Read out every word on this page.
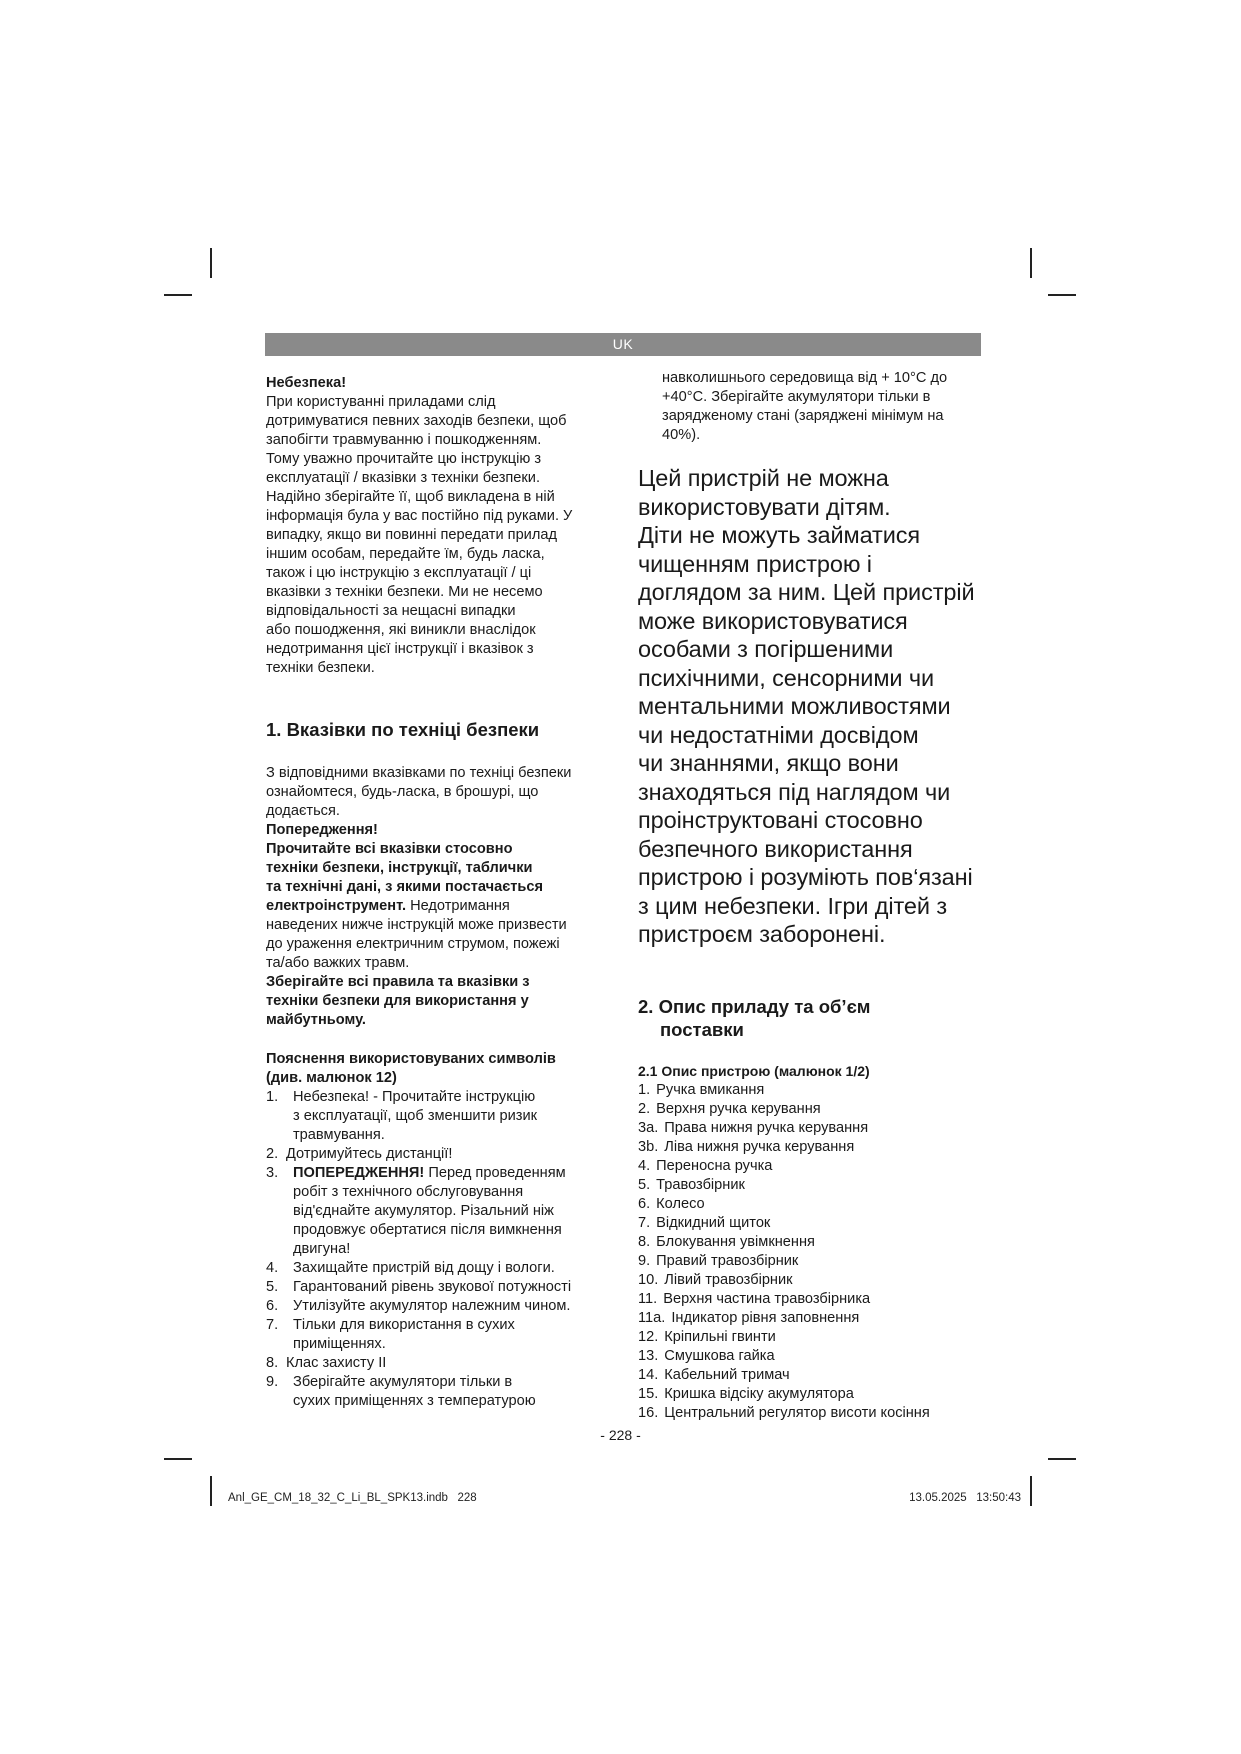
UK

Небезпека!

При користуванні приладами слід

дотримуватися певних заходів безпеки, щоб

запобігти травмуванню і пошкодженням.

Тому уважно прочитайте цю інструкцію з

експлуатації / вказівки з техніки безпеки.

Надійно зберігайте її, щоб викладена в ній

інформація була у вас постійно під руками. У

випадку, якщо ви повинні передати прилад

іншим особам, передайте їм, будь ласка,

також і цю інструкцію з експлуатації / ці

вказівки з техніки безпеки. Ми не несемо

відповідальності за нещасні випадки

або пошодження, які виникли внаслідок

недотримання цієї інструкції і вказівок з

техніки безпеки.

1. Вказівки по техніці безпеки

З відповідними вказівками по техніці безпеки

ознайомтеся, будь-ласка, в брошурі, що

додається.

Попередження!

Прочитайте всі вказівки стосовно

техніки безпеки, інструкції, таблички

та технічні дані, з якими постачається

електроінструмент. Недотримання

наведених нижче інструкцій може призвести

до ураження електричним струмом, пожежі

та/або важких травм.

Зберігайте всі правила та вказівки з

техніки безпеки для використання у

майбутньому.

Пояснення використовуваних символів

(див. малюнок 12)

1.	Небезпека! - Прочитайте інструкцію
з експлуатації, щоб зменшити ризик
травмування.
2. Дотримуйтесь дистанції!
3.	ПОПЕРЕДЖЕННЯ! Перед проведенням
робіт з технічного обслуговування
від'єднайте акумулятор. Різальний ніж
продовжує обертатися після вимкнення
двигуна!
4.	Захищайте пристрій від дощу і вологи.
5.	Гарантований рівень звукової потужності
6.	Утилізуйте акумулятор належним чином.
7.	Тільки для використання в сухих
приміщеннях.
8. Клас захисту II
9.	Зберігайте акумулятори тільки в
сухих приміщеннях з температурою

навколишнього середовища від + 10°C до

+40°C. Зберігайте акумулятори тільки в

зарядженому стані (заряджені мінімум на

40%).

Цей пристрій не можна

використовувати дітям.

Діти не можуть займатися

чищенням пристрою і

доглядом за ним. Цей пристрій

може використовуватися

особами з погіршеними

психічними, сенсорними чи

ментальними можливостями

чи недостатніми досвідом

чи знаннями, якщо вони

знаходяться під наглядом чи

проінструктовані стосовно

безпечного використання

пристрою і розуміють пов‘язані

з цим небезпеки. Ігри дітей з

пристроєм заборонені.

2. Опис приладу та об’єм

поставки

2.1 Опис пристрою (малюнок 1/2)

1. Ручка вмикання
2. Верхня ручка керування
3a. Права нижня ручка керування
3b. Ліва нижня ручка керування
4. Переносна ручка
5. Травозбірник
6. Колесо
7. Відкидний щиток
8. Блокування увімкнення
9. Правий травозбірник
10. Лівий травозбірник
11. Верхня частина травозбірника
11a. Індикатор рівня заповнення
12. Кріпильні гвинти
13. Смушкова гайка
14. Кабельний тримач
15. Кришка відсіку акумулятора
16. Центральний регулятор висоти косіння
- 228 -
Anl_GE_CM_18_32_C_Li_BL_SPK13.indb   228	13.05.2025   13:50:43
